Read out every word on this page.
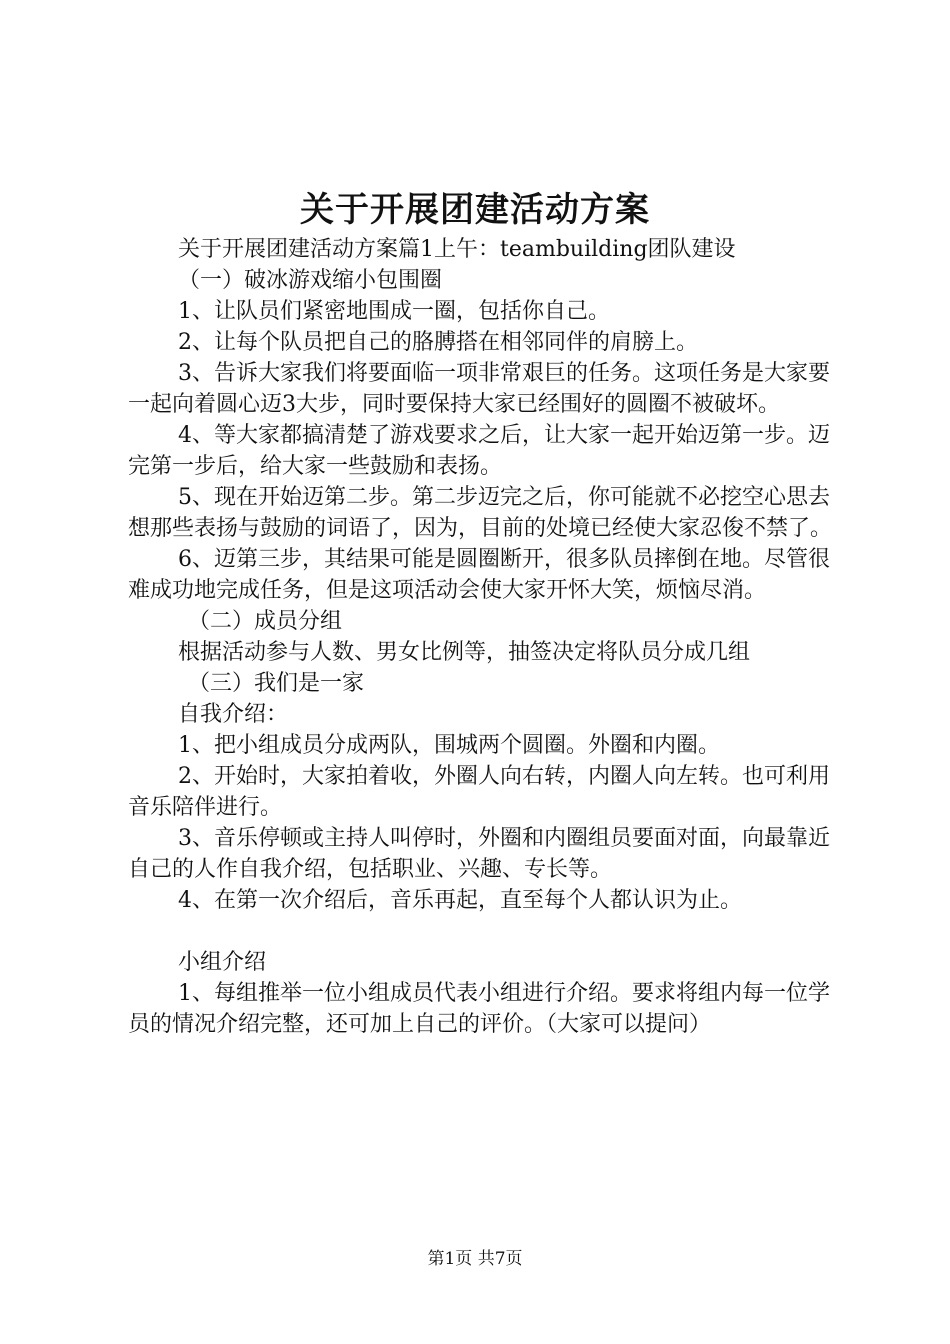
关于开展团建活动方案

关于开展团建活动方案篇1上午：teambuilding团队建设

（一）破冰游戏缩小包围圈

1、让队员们紧密地围成一圈，包括你自己。

2、让每个队员把自己的胳膊搭在相邻同伴的肩膀上。

3、告诉大家我们将要面临一项非常艰巨的任务。这项任务是大家要一起向着圆心迈3大步，同时要保持大家已经围好的圆圈不被破坏。

4、等大家都搞清楚了游戏要求之后，让大家一起开始迈第一步。迈完第一步后，给大家一些鼓励和表扬。

5、现在开始迈第二步。第二步迈完之后，你可能就不必挖空心思去想那些表扬与鼓励的词语了，因为，目前的处境已经使大家忍俊不禁了。

6、迈第三步，其结果可能是圆圈断开，很多队员摔倒在地。尽管很难成功地完成任务，但是这项活动会使大家开怀大笑，烦恼尽消。

（二）成员分组

根据活动参与人数、男女比例等，抽签决定将队员分成几组

（三）我们是一家

自我介绍：

1、把小组成员分成两队，围城两个圆圈。外圈和内圈。

2、开始时，大家拍着收，外圈人向右转，内圈人向左转。也可利用音乐陪伴进行。

3、音乐停顿或主持人叫停时，外圈和内圈组员要面对面，向最靠近自己的人作自我介绍，包括职业、兴趣、专长等。

4、在第一次介绍后，音乐再起，直至每个人都认识为止。

小组介绍

1、每组推举一位小组成员代表小组进行介绍。要求将组内每一位学员的情况介绍完整，还可加上自己的评价。（大家可以提问）

第1页 共7页
